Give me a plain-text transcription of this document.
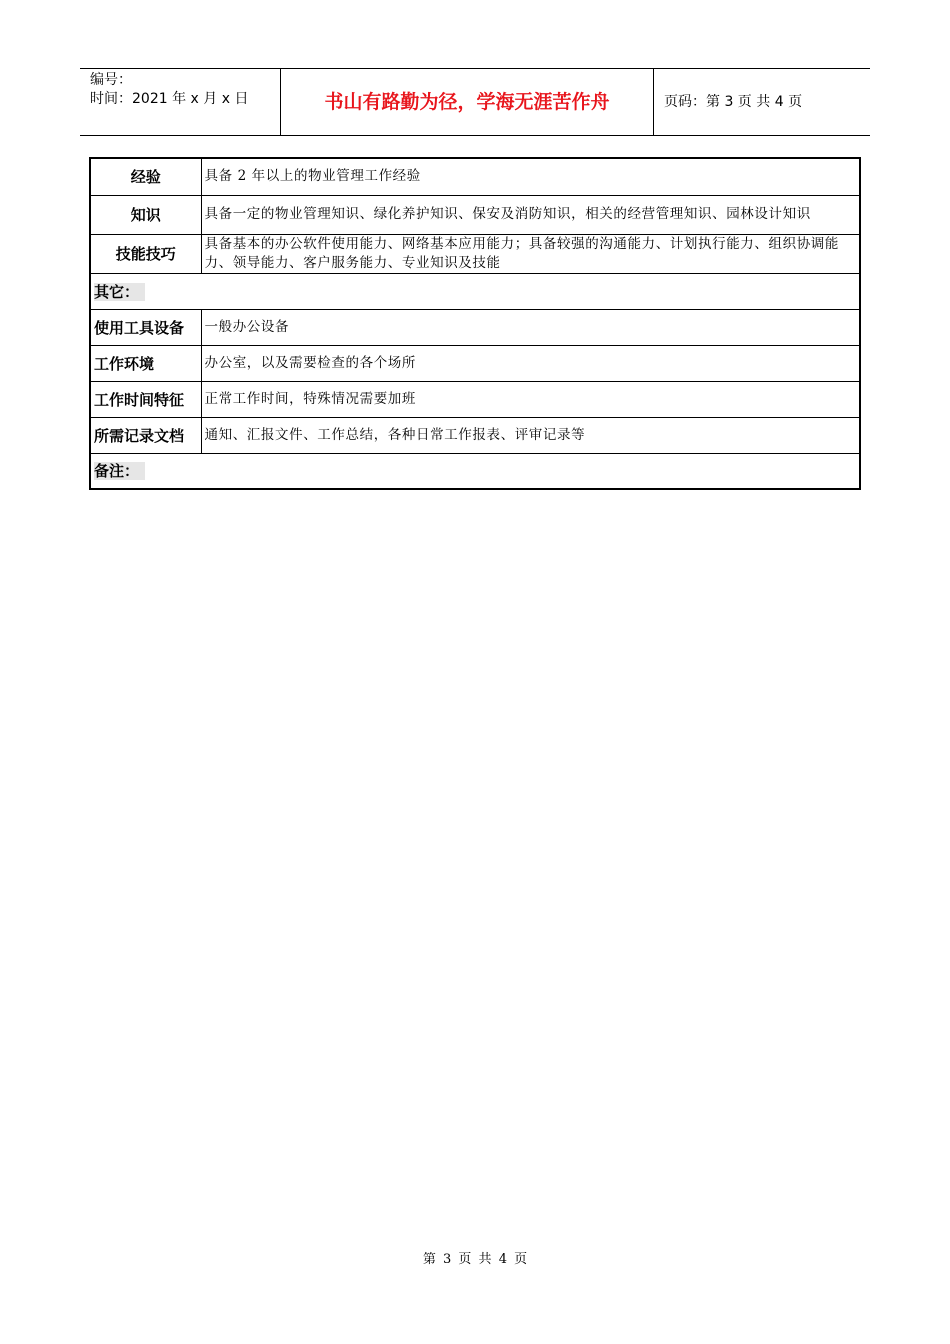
编号：
时间：2021 年 x 月 x 日	书山有路勤为径，学海无涯苦作舟	页码：第 3 页 共 4 页
经验	具备 2 年以上的物业管理工作经验
知识	具备一定的物业管理知识、绿化养护知识、保安及消防知识，相关的经营管理知识、园林设计知识
技能技巧	具备基本的办公软件使用能力、网络基本应用能力；具备较强的沟通能力、计划执行能力、组织协调能力、领导能力、客户服务能力、专业知识及技能
其它：	
使用工具设备	一般办公设备
工作环境	办公室，以及需要检查的各个场所
工作时间特征	正常工作时间，特殊情况需要加班
所需记录文档	通知、汇报文件、工作总结，各种日常工作报表、评审记录等
备注：	
第 3 页 共 4 页
